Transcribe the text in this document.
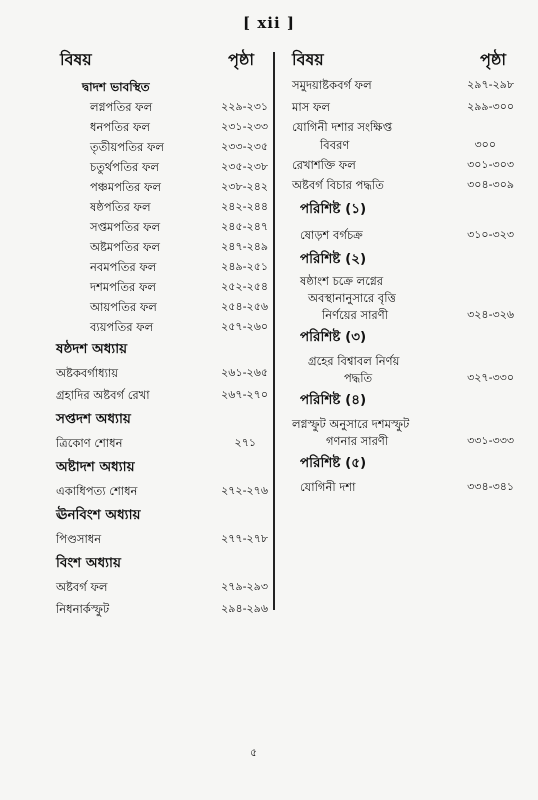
[ xii ]
বিষয়	পৃষ্ঠা
দ্বাদশ ভাবস্থিত
লগ্নপতির ফল	২২৯-২৩১
ধনপতির ফল	২৩১-২৩৩
তৃতীয়পতির ফল	২৩৩-২৩৫
চতুর্থপতির ফল	২৩৫-২৩৮
পঞ্চমপতির ফল	২৩৮-২৪২
ষষ্ঠপতির ফল	২৪২-২৪৪
সপ্তমপতির ফল	২৪৫-২৪৭
অষ্টমপতির ফল	২৪৭-২৪৯
নবমপতির ফল	২৪৯-২৫১
দশমপতির ফল	২৫২-২৫৪
আয়পতির ফল	২৫৪-২৫৬
ব্যয়পতির ফল	২৫৭-২৬০
ষষ্ঠদশ অধ্যায়
অষ্টকবর্গাধ্যায়	২৬১-২৬৫
গ্রহাদির অষ্টবর্গ রেখা	২৬৭-২৭০
সপ্তদশ অধ্যায়
ত্রিকোণ শোধন	২৭১
অষ্টাদশ অধ্যায়
একাধিপত্য শোধন	২৭২-২৭৬
ঊনবিংশ অধ্যায়
পিণ্ডসাধন	২৭৭-২৭৮
বিংশ অধ্যায়
অষ্টবর্গ ফল	২৭৯-২৯৩
নিধনার্কস্ফুট	২৯৪-২৯৬
বিষয়	পৃষ্ঠা
সমুদয়াষ্টকবর্গ ফল	২৯৭-২৯৮
মাস ফল	২৯৯-৩০০
যোগিনী দশার সংক্ষিপ্ত
বিবরণ	৩০০
রেখাশক্তি ফল	৩০১-৩০৩
অষ্টবর্গ বিচার পদ্ধতি	৩০৪-৩০৯
পরিশিষ্ট (১)
ষোড়শ বর্গচক্র	৩১০-৩২৩
পরিশিষ্ট (২)
ষষ্ঠাংশ চক্রে লগ্নের
অবস্থানানুসারে বৃত্তি
নির্ণয়ের সারণী	৩২৪-৩২৬
পরিশিষ্ট (৩)
গ্রহের বিশ্বাবল নির্ণয়
পদ্ধতি	৩২৭-৩৩০
পরিশিষ্ট (৪)
লগ্নস্ফুট অনুসারে দশমস্ফুট
গণনার সারণী	৩৩১-৩৩৩
পরিশিষ্ট (৫)
যোগিনী দশা	৩৩৪-৩৪১
৫
